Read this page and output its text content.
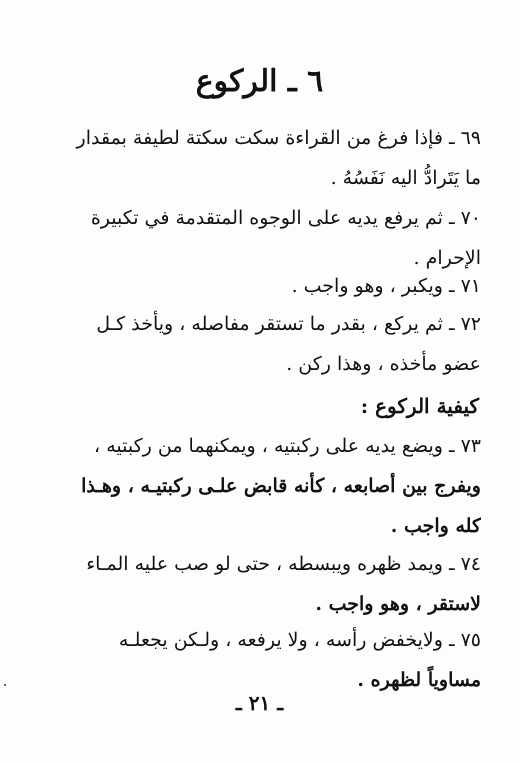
٦ ـ الركوع
٦٩ ـ فإذا فرغ من القراءة سكت سكتة لطيفة بمقدار
ما يَتَرادُّ اليه نَفَسُهُ .
٧٠ ـ ثم يرفع يديه على الوجوه المتقدمة في تكبيرة
الإحرام .
٧١ ـ ويكبر ، وهو واجب .
٧٢ ـ ثم يركع ، بقدر ما تستقر مفاصله ، ويأخذ كـل
عضو مأخذه ، وهذا ركن .
كيفية الركوع :
٧٣ ـ ويضع يديه على ركبتيه ، ويمكنهما من ركبتيه ،
ويفرج بين أصابعه ، كأنه قابض علـى ركبتيـه ، وهـذا
كله واجب .
٧٤ ـ ويمد ظهره ويبسطه ، حتى لو صب عليه المـاء
لاستقر ، وهو واجب .
٧٥ ـ ولايخفض رأسه ، ولا يرفعه ، ولـكن يجعلـه
مساوياً لظهره .
ـ ٢١ ـ
